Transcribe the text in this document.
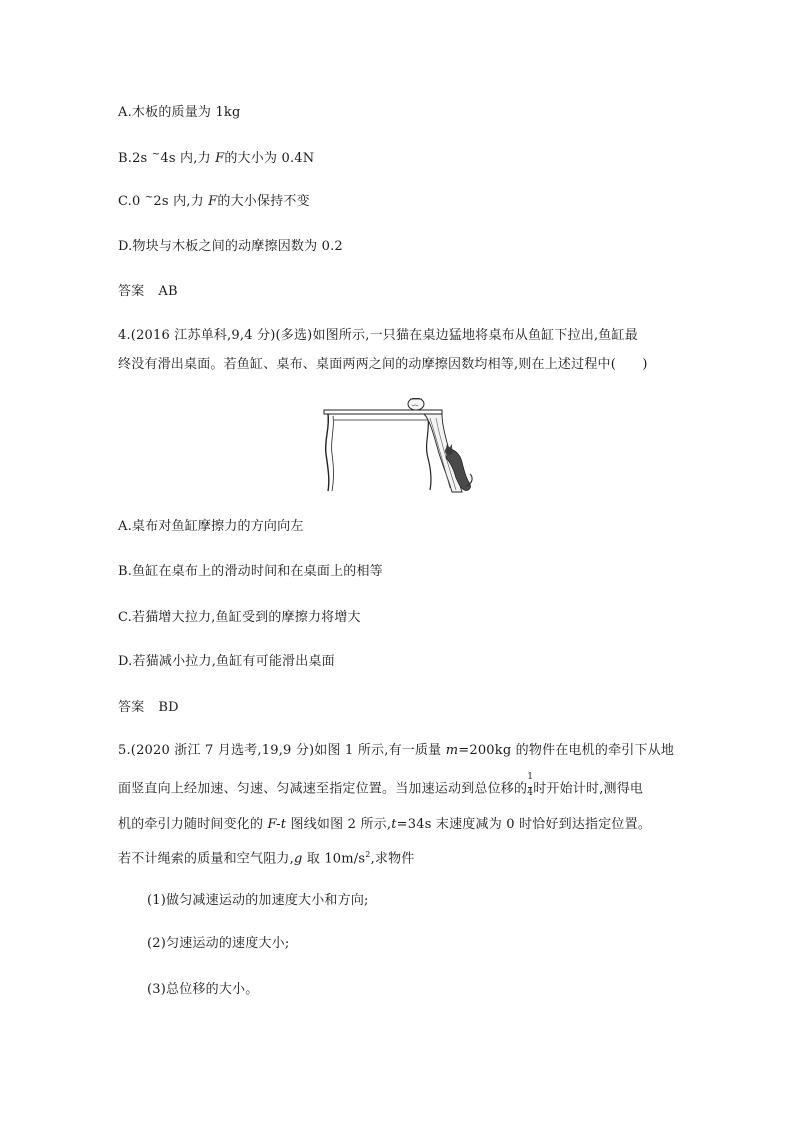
A.木板的质量为 1kg
B.2s ~4s 内,力 F的大小为 0.4N
C.0 ~2s 内,力 F的大小保持不变
D.物块与木板之间的动摩擦因数为 0.2
答案 AB
4.(2016 江苏单科,9,4 分)(多选)如图所示,一只猫在桌边猛地将桌布从鱼缸下拉出,鱼缸最
终没有滑出桌面。若鱼缸、桌布、桌面两两之间的动摩擦因数均相等,则在上述过程中(　　)
A.桌布对鱼缸摩擦力的方向向左
B.鱼缸在桌布上的滑动时间和在桌面上的相等
C.若猫增大拉力,鱼缸受到的摩擦力将增大
D.若猫减小拉力,鱼缸有可能滑出桌面
答案 BD
5.(2020 浙江 7 月选考,19,9 分)如图 1 所示,有一质量 m=200kg 的物件在电机的牵引下从地
面竖直向上经加速、匀速、匀减速至指定位置。当加速运动到总位移的 $\frac{1}{4}$ 时开始计时,测得电
机的牵引力随时间变化的 F-t 图线如图 2 所示,t=34s 末速度减为 0 时恰好到达指定位置。
若不计绳索的质量和空气阻力,g 取 $10m/s^2$,求物件
(1)做匀减速运动的加速度大小和方向;
(2)匀速运动的速度大小;
(3)总位移的大小。
